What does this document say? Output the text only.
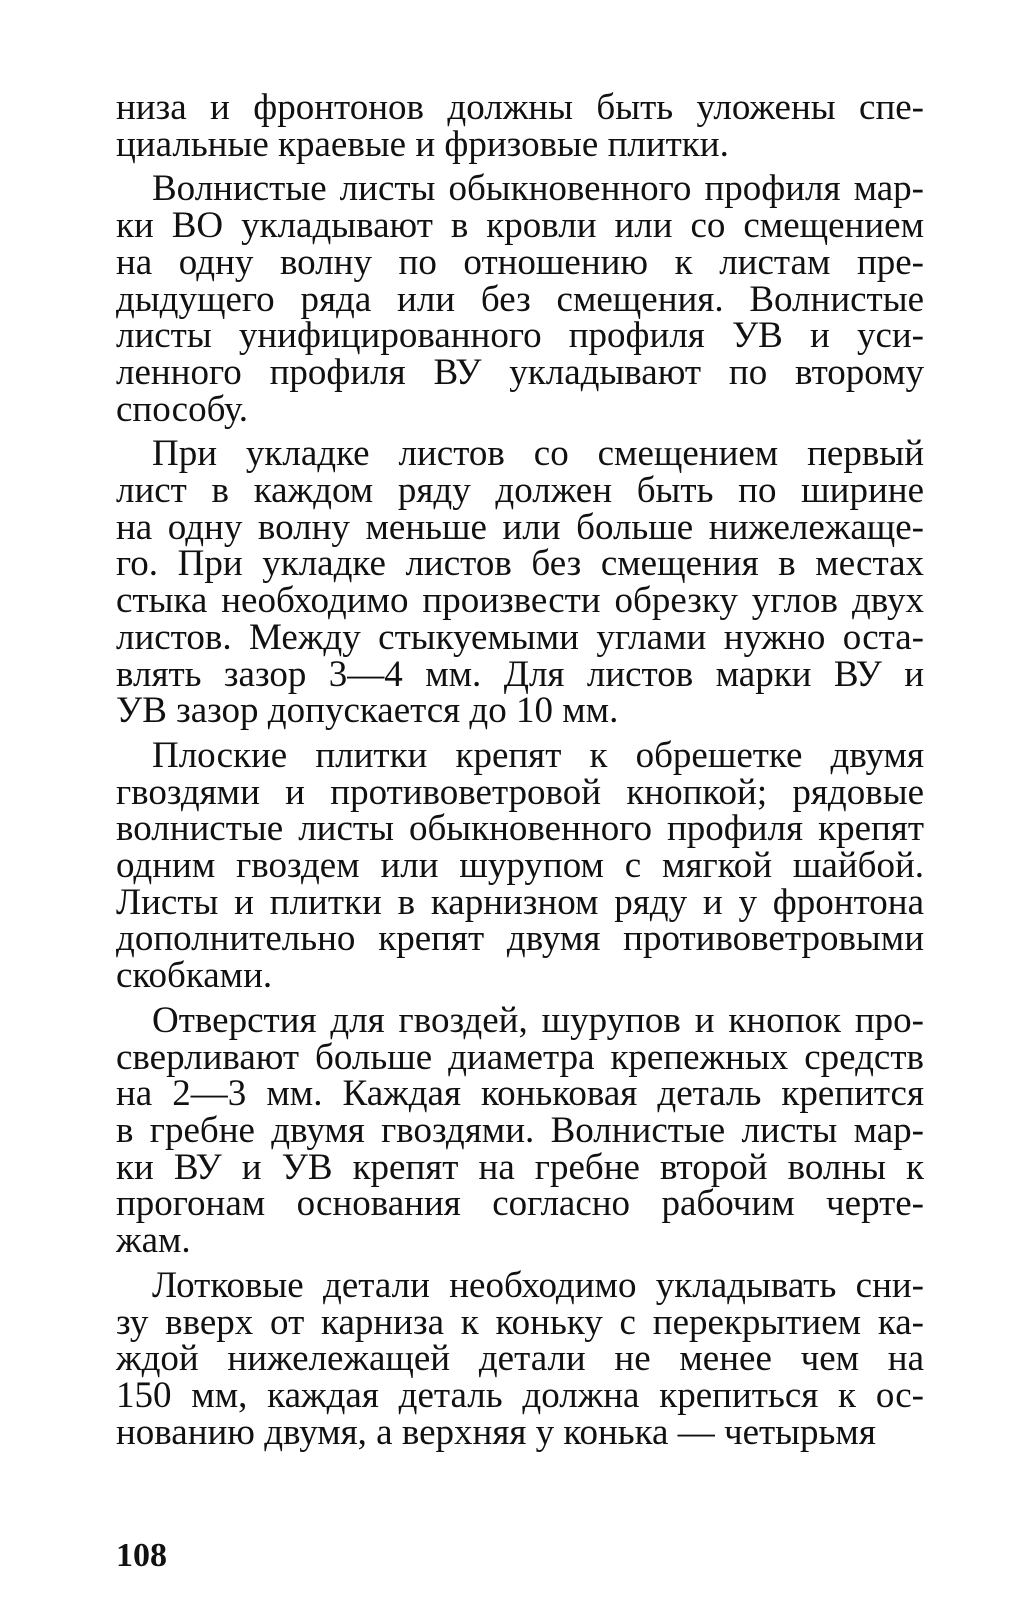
низа и фронтонов должны быть уложены спе-
циальные краевые и фризовые плитки.
Волнистые листы обыкновенного профиля мар-
ки ВО укладывают в кровли или со смещением
на одну волну по отношению к листам пре-
дыдущего ряда или без смещения. Волнистые
листы унифицированного профиля УВ и уси-
ленного профиля ВУ укладывают по второму
способу.
При укладке листов со смещением первый
лист в каждом ряду должен быть по ширине
на одну волну меньше или больше нижележаще-
го. При укладке листов без смещения в местах
стыка необходимо произвести обрезку углов двух
листов. Между стыкуемыми углами нужно оста-
влять зазор 3—4 мм. Для листов марки ВУ и
УВ зазор допускается до 10 мм.
Плоские плитки крепят к обрешетке двумя
гвоздями и противоветровой кнопкой; рядовые
волнистые листы обыкновенного профиля крепят
одним гвоздем или шурупом с мягкой шайбой.
Листы и плитки в карнизном ряду и у фронтона
дополнительно крепят двумя противоветровыми
скобками.
Отверстия для гвоздей, шурупов и кнопок про-
сверливают больше диаметра крепежных средств
на 2—3 мм. Каждая коньковая деталь крепится
в гребне двумя гвоздями. Волнистые листы мар-
ки ВУ и УВ крепят на гребне второй волны к
прогонам основания согласно рабочим черте-
жам.
Лотковые детали необходимо укладывать сни-
зу вверх от карниза к коньку с перекрытием ка-
ждой нижележащей детали не менее чем на
150 мм, каждая деталь должна крепиться к ос-
нованию двумя, а верхняя у конька — четырьмя
108
